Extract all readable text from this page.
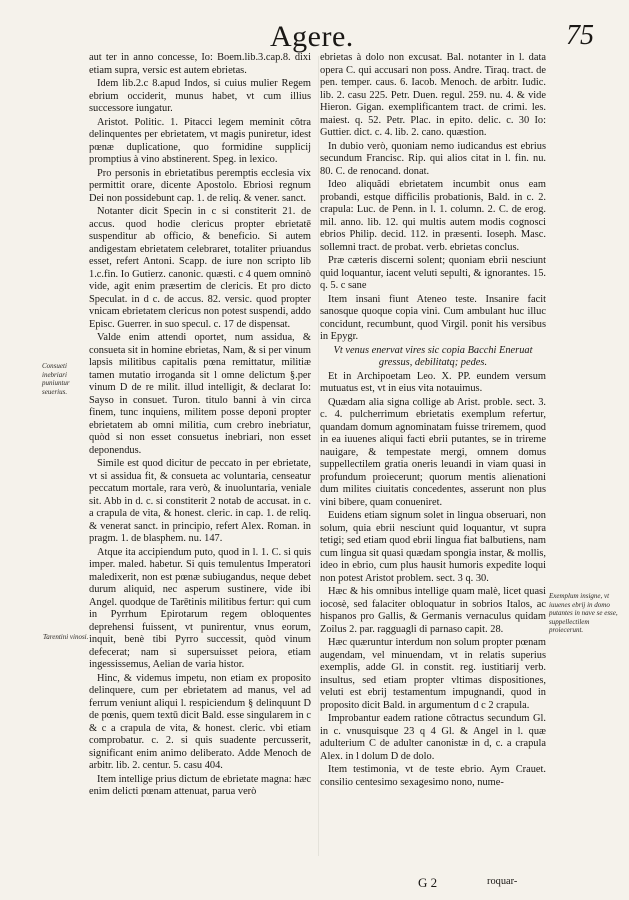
Agere.	75

aut ter in anno concesse, Io: Boem.lib.3.cap.8. dixi etiam supra, versic est autem ebrietas.

Idem lib.2.c 8.apud Indos, si cuius mulier Regem ebrium occiderit, munus habet, vt cum illius successore iungatur.

Aristot. Politic. 1. Pitacci legem meminit cõtra delinquentes per ebrietatem, vt magis puniretur, idest pœnæ duplicatione, quo formidine supplicij promptius à vino abstinerent. Speg. in lexico.

Pro personis in ebrietatibus peremptis ecclesia vix permittit orare, dicente Apostolo. Ebriosi regnum Dei non possidebunt cap. 1. de reliq. & vener. sanct.

Notanter dicit Specin in c si constiterit 21. de accus. quod hodie clericus propter ebrietatē suspenditur ab officio, & beneficio. Si autem andigestam ebrietatem celebraret, totaliter priuandus esset, refert Antoni. Scapp. de iure non scripto lib 1.c.fin. Io Gutierz. canonic. quæsti. c 4 quem omninò vide, agit enim præsertim de clericis. Et pro dicto Speculat. in d c. de accus. 82. versic. quod propter vnicam ebrietatem clericus non potest suspendi, addo Episc. Guerrer. in suo specul. c. 17 de dispensat.

Valde enim attendi oportet, num assidua, & consueta sit in homine ebrietas, Nam, & si per vinum lapsis militibus capitalis pœna remittatur, militiæ tamen mutatio irroganda sit l omne delictum §.per vinum D de re milit. illud intelligit, & declarat Io: Sayso in consuet. Turon. titulo banni à vin circa finem, tunc inquiens, militem posse deponi propter ebrietatem ab omni militia, cum crebro inebriatur, quòd si non esset consuetus inebriari, non esset deponendus.

Simile est quod dicitur de peccato in per ebrietate, vt si assidua fit, & consueta ac voluntaria, censeatur peccatum mortale, rara verò, & inuoluntaria, veniale sit. Abb in d. c. si constiterit 2 notab de accusat. in c. a crapula de vita, & honest. cleric. in cap. 1. de reliq. & venerat sanct. in principio, refert Alex. Roman. in pragm. 1. de blasphem. nu. 147.

Atque ita accipiendum puto, quod in l. 1. C. si quis imper. maled. habetur. Si quis temulentus Imperatori maledixerit, non est pœnæ subiugandus, neque debet durum aliquid, nec asperum sustinere, vide ibi Angel. quodque de Tarētinis militibus fertur: qui cum in Pyrrhum Epirotarum regem obloquentes deprehensi fuissent, vt punirentur, vnus eorum, inquit, benè tibi Pyrro successit, quòd vinum defecerat; nam si supersuisset peiora, etiam ingessissemus, Aelian de varia histor.

Hinc, & videmus impetu, non etiam ex proposito delinquere, cum per ebrietatem ad manus, vel ad ferrum veniunt aliqui l. respiciendum § delinquunt D de pœnis, quem textū dicit Bald. esse singularem in c & c a crapula de vita, & honest. cleric. vbi etiam comprobatur. c. 2. si quis suadente percusserit, significant enim animo deliberato. Adde Menoch de arbitr. lib. 2. centur. 5. casu 404.

Item intellige prius dictum de ebrietate magna: hæc enim delicti pœnam attenuat, parua verò

ebrietas à dolo non excusat. Bal. notanter in l. data opera C. qui accusari non poss. Andre. Tiraq. tract. de pen. temper. caus. 6. Iacob. Menoch. de arbitr. Iudic. lib. 2. casu 225. Petr. Duen. regul. 259. nu. 4. & vide Hieron. Gigan. exemplificantem tract. de crimi. les. maiest. q. 52. Petr. Plac. in epito. delic. c. 30 Io: Guttier. dict. c. 4. lib. 2. cano. quæstion.

In dubio verò, quoniam nemo iudicandus est ebrius secundum Francisc. Rip. qui alios citat in l. fin. nu. 80. C. de renocand. donat.

Ideo aliquãdi ebrietatem incumbit onus eam probandi, estque difficilis probationis, Bald. in c. 2. crapula: Luc. de Penn. in l. 1. column. 2. C. de erog. mil. anno. lib. 12. qui multis autem modis cognosci ebrios Philip. decid. 112. in præsenti. Ioseph. Masc. sollemni tract. de probat. verb. ebrietas conclus.

Præ cæteris discerni solent; quoniam ebrii nesciunt quid loquantur, iacent veluti sepulti, & ignorantes. 15. q. 5. c sane

Item insani fiunt Ateneo teste. Insanire facit sanosque quoque copia vini. Cum ambulant huc illuc concidunt, recumbunt, quod Virgil. ponit his versibus in Epygr.

Vt venus enervat vires sic copia Bacchi Eneruat gressus, debilitatq; pedes.

Et in Archipoetam Leo. X. PP. eundem versum mutuatus est, vt in eius vita notauimus.

Quædam alia signa collige ab Arist. proble. sect. 3. c. 4. pulcherrimum ebrietatis exemplum refertur, quandam domum agnominatam fuisse triremem, quod in ea iuuenes aliqui facti ebrii putantes, se in trireme nauigare, & tempestate mergi, omnem domus suppellectilem gratia oneris leuandi in viam quasi in profundum proiecerunt; quorum mentis alienationi dum milites ciuitatis concedentes, asserunt non plus vini bibere, quam conueniret.

Euidens etiam signum solet in lingua obseruari, non solum, quia ebrii nesciunt quid loquantur, vt supra tetigi; sed etiam quod ebrii lingua fiat balbutiens, nam cum lingua sit quasi quædam spongia instar, & mollis, ideo in ebrio, cum plus hausit humoris expedite loqui non potest Aristot problem. sect. 3 q. 30.

Hæc & his omnibus intellige quam malè, licet quasi iocosè, sed falaciter obloquatur in sobrios Italos, ac hispanos pro Gallis, & Germanis vernaculus quidam Zoilus 2. par. ragguagli di parnaso capit. 28.

Hæc quæruntur interdum non solum propter pœnam augendam, vel minuendam, vt in relatis superius exemplis, adde Gl. in constit. reg. iustitiarij verb. insultus, sed etiam propter vltimas dispositiones, veluti est ebrij testamentum impugnandi, quod in proposito dicit Bald. in argumentum d c 2 crapula.

Improbantur eadem ratione cõtractus secundum Gl. in c. vnusquisque 23 q 4 Gl. & Angel in l. quæ adulterium C de adulter canonistæ in d, c. a crapula Alex. in l dolum D de dolo.

Item testimonia, vt de teste ebrio. Aym Crauet. consilio centesimo sexagesimo nono, nume-

Consueti inebriari puniuntur seuerius.
Tarentini vinosi.
Exemplum insigne, vt iuuenes ebrij in domo putantes in nave se esse, suppellectilem proiecerunt.
G 2	roquar-
